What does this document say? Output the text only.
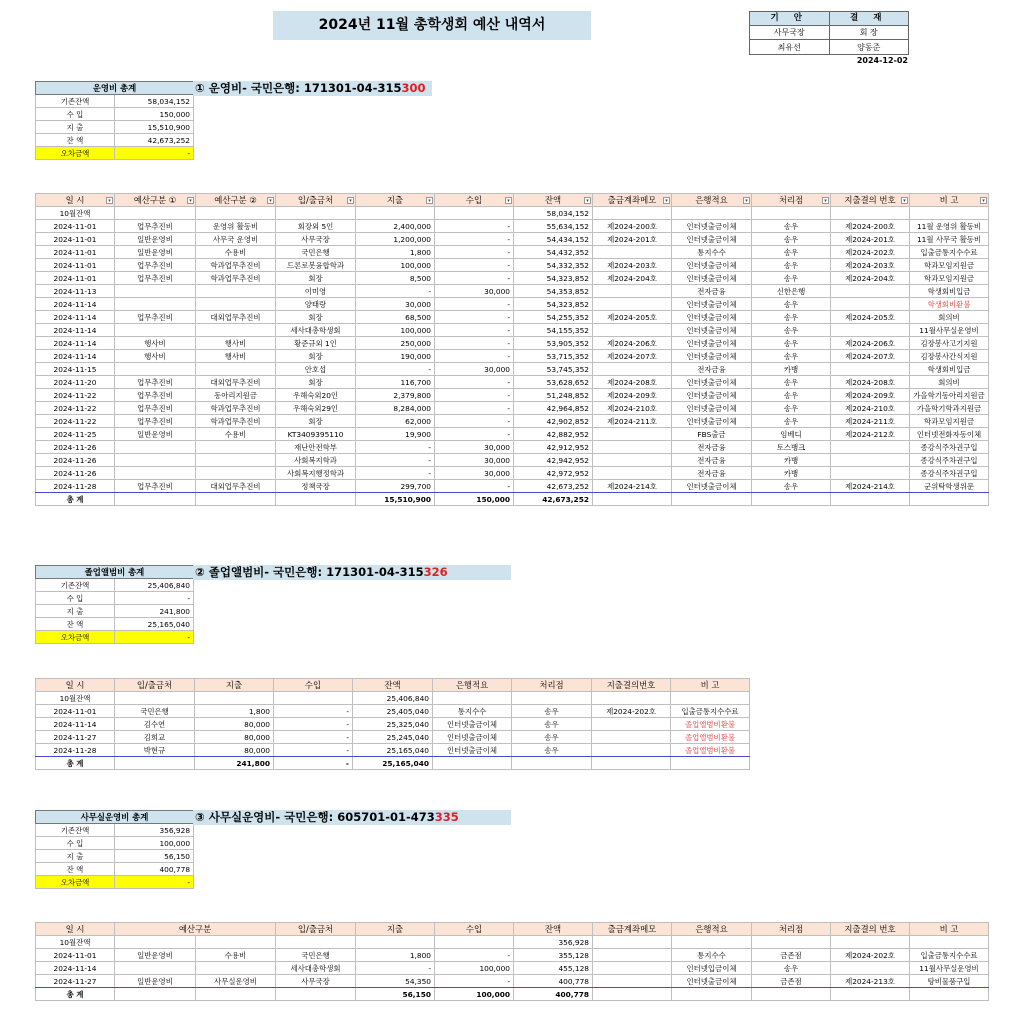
2024년 11월 총학생회 예산 내역서	기 안	결 재
사무국장	회 장
최유선	양동준
2024-12-02
운영비 총계	
기존잔액	58,034,152
수 입	150,000
지 출	15,510,900
잔 액	42,673,252
오차금액	-
① 운영비- 국민은행: 171301-04-315300
일 시 ▾	예산구분 ① ▾	예산구분 ② ▾	입/출금처 ▾	지출 ▾	수입 ▾	잔액 ▾	출금계좌메모 ▾	은행적요 ▾	처리점 ▾	지출결의 번호 ▾	비 고 ▾

10월잔액						58,034,152					
2024-11-01	업무추진비	운영위 활동비	회장외 5인	2,400,000	-	55,634,152	제2024-200호	인터넷출금이체	송우	제2024-200호	11월 운영위 활동비
2024-11-01	일반운영비	사무국 운영비	사무국장	1,200,000	-	54,434,152	제2024-201호	인터넷출금이체	송우	제2024-201호	11월 사무국 활동비
2024-11-01	일반운영비	수용비	국민은행	1,800	-	54,432,352		통지수수	송우	제2024-202호	입출금통지수수료
2024-11-01	업무추진비	학과업무추진비	드론로봇융합학과	100,000	-	54,332,352	제2024-203호	인터넷출금이체	송우	제2024-203호	학과모임지원금
2024-11-01	업무추진비	학과업무추진비	회장	8,500	-	54,323,852	제2024-204호	인터넷출금이체	송우	제2024-204호	학과모임지원금
2024-11-13			이미영	-	30,000	54,353,852		전자금융	신한은행		학생회비입금
2024-11-14			양태랑	30,000	-	54,323,852		인터넷출금이체	송우		학생회비환불
2024-11-14	업무추진비	대외업무추진비	회장	68,500	-	54,255,352	제2024-205호	인터넷출금이체	송우	제2024-205호	회의비
2024-11-14			세사대총학생회	100,000	-	54,155,352		인터넷출금이체	송우		11월사무실운영비
2024-11-14	행사비	행사비	황준규외 1인	250,000	-	53,905,352	제2024-206호	인터넷출금이체	송우	제2024-206호	김장봉사고기지원
2024-11-14	행사비	행사비	회장	190,000	-	53,715,352	제2024-207호	인터넷출금이체	송우	제2024-207호	김장봉사간식지원
2024-11-15			안호섭	-	30,000	53,745,352		전자금융	카뱅		학생회비입금
2024-11-20	업무추진비	대외업무추진비	회장	116,700	-	53,628,652	제2024-208호	인터넷출금이체	송우	제2024-208호	회의비
2024-11-22	업무추진비	동아리지원금	우해숙외20인	2,379,800	-	51,248,852	제2024-209호	인터넷출금이체	송우	제2024-209호	가을학기동아리지원금
2024-11-22	업무추진비	학과업무추진비	우해숙외29인	8,284,000	-	42,964,852	제2024-210호	인터넷출금이체	송우	제2024-210호	가을학기학과지원금
2024-11-22	업무추진비	학과업무추진비	회장	62,000	-	42,902,852	제2024-211호	인터넷출금이체	송우	제2024-211호	학과모임지원금
2024-11-25	일반운영비	수용비	KT3409395110	19,900	-	42,882,952		FBS출금	임베디	제2024-212호	인터넷전화자동이체
2024-11-26			재난안전학부	-	30,000	42,912,952		전자금융	토스뱅크		종강식주차권구입
2024-11-26			사회복지학과	-	30,000	42,942,952		전자금융	카뱅		종강식주차권구입
2024-11-26			사회복지행정학과	-	30,000	42,972,952		전자금융	카뱅		종강식주차권구입
2024-11-28	업무추진비	대외업무추진비	정책국장	299,700	-	42,673,252	제2024-214호	인터넷출금이체	송우	제2024-214호	군위탁학생위문
총 계				15,510,900	150,000	42,673,252					
졸업앨범비 총계	
기존잔액	25,406,840
수 입	-
지 출	241,800
잔 액	25,165,040
오차금액	-
② 졸업앨범비- 국민은행: 171301-04-315326
일 시	입/출금처	지출	수입	잔액	은행적요	처리점	지출결의번호	비 고
10월잔액				25,406,840				
2024-11-01	국민은행	1,800	-	25,405,040	통지수수	송우	제2024-202호	입출금통지수수료
2024-11-14	김수연	80,000	-	25,325,040	인터넷출금이체	송우		졸업앨범비환불
2024-11-27	김희교	80,000	-	25,245,040	인터넷출금이체	송우		졸업앨범비환불
2024-11-28	박현규	80,000	-	25,165,040	인터넷출금이체	송우		졸업앨범비환불
총 계		241,800	-	25,165,040				
사무실운영비 총계	
기존잔액	356,928
수 입	100,000
지 출	56,150
잔 액	400,778
오차금액	-
③ 사무실운영비- 국민은행: 605701-01-473335
일 시	예산구분		입/출금처	지출	수입	잔액	출금계좌메모	은행적요	처리점	지출결의 번호	비 고
10월잔액						356,928					
2024-11-01	일반운영비	수용비	국민은행	1,800	-	355,128		통지수수	금존점	제2024-202호	입출금통지수수료
2024-11-14			세사대총학생회	-	100,000	455,128		인터넷입금이체	송우		11월사무실운영비
2024-11-27	일반운영비	사무실운영비	사무국장	54,350	-	400,778		인터넷출금이체	금존점	제2024-213호	탕비물품구입
총 계				56,150	100,000	400,778					
